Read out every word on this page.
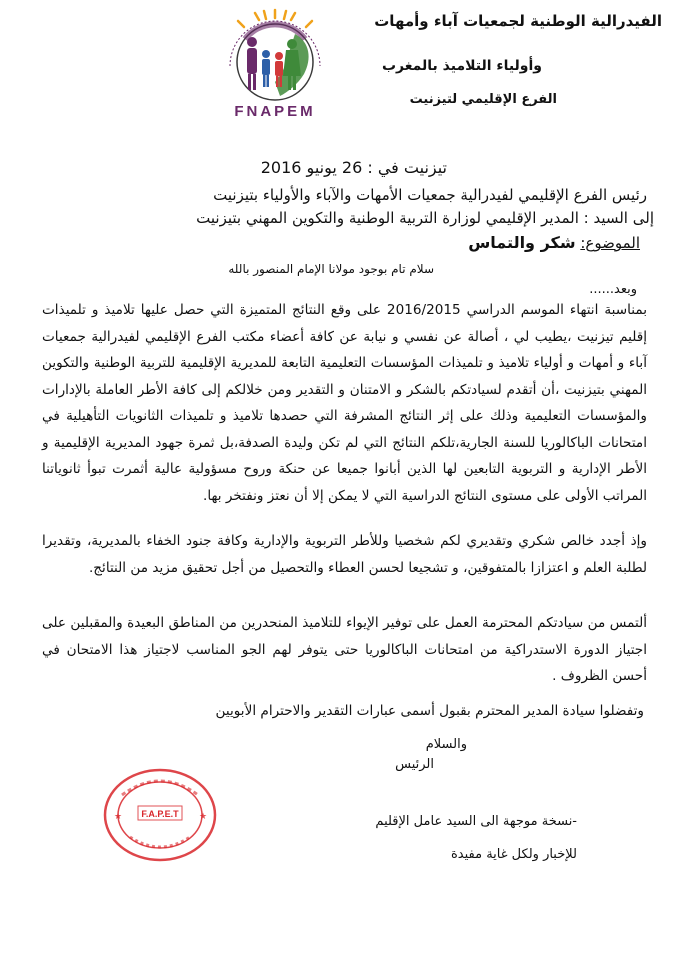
الفيدرالية الوطنية لجمعيات آباء وأمهات
وأولياء التلاميذ بالمغرب
الفرع الإقليمي لتيزنيت
FNAPEM
تيزنيت في : 26 يونيو 2016
رئيس الفرع الإقليمي لفيدرالية جمعيات الأمهات والآباء والأولياء بتيزنيت
إلى السيد : المدير الإقليمي لوزارة التربية الوطنية والتكوين المهني بتيزنيت
الموضوع: شكر والتماس
سلام تام بوجود مولانا الإمام المنصور بالله
وبعد......
بمناسبة انتهاء الموسم الدراسي 2016/2015 على وقع النتائج المتميزة التي حصل عليها تلاميذ و تلميذات إقليم تيزنيت ،يطيب لي ، أصالة عن نفسي و نيابة عن كافة أعضاء مكتب الفرع الإقليمي لفيدرالية جمعيات آباء و أمهات و أولياء تلاميذ و تلميذات المؤسسات التعليمية التابعة للمديرية الإقليمية للتربية الوطنية والتكوين المهني بتيزنيت ،أن أتقدم لسيادتكم بالشكر و الامتنان و التقدير ومن خلالكم إلى كافة الأطر العاملة بالإدارات والمؤسسات التعليمية وذلك على إثر النتائج المشرفة التي حصدها تلاميذ و تلميذات الثانويات التأهيلية في امتحانات الباكالوريا للسنة الجارية،تلكم النتائج التي لم تكن وليدة الصدفة،بل ثمرة جهود المديرية الإقليمية و الأطر الإدارية و التربوية التابعين لها الذين أبانوا جميعا عن حنكة وروح مسؤولية عالية أثمرت تبوأ ثانوياتنا المراتب الأولى على مستوى النتائج الدراسية التي لا يمكن إلا أن نعتز ونفتخر بها.
وإذ أجدد خالص شكري وتقديري لكم شخصيا وللأطر التربوية والإدارية وكافة جنود الخفاء بالمديرية، وتقديرا لطلبة العلم و اعتزازا بالمتفوقين، و تشجيعا لحسن العطاء والتحصيل من أجل تحقيق مزيد من النتائج.
ألتمس من سيادتكم المحترمة العمل على توفير الإيواء للتلاميذ المنحدرين من المناطق البعيدة والمقبلين على اجتياز الدورة الاستدراكية من امتحانات الباكالوريا حتى يتوفر لهم الجو المناسب لاجتياز هذا الامتحان في أحسن الظروف .
وتفضلوا سيادة المدير المحترم بقبول أسمى عبارات التقدير والاحترام الأبويين
والسلام
الرئيس
-نسخة موجهة الى السيد عامل الإقليم
للإخبار ولكل غاية مفيدة
★	★
F.A.P.E.T
